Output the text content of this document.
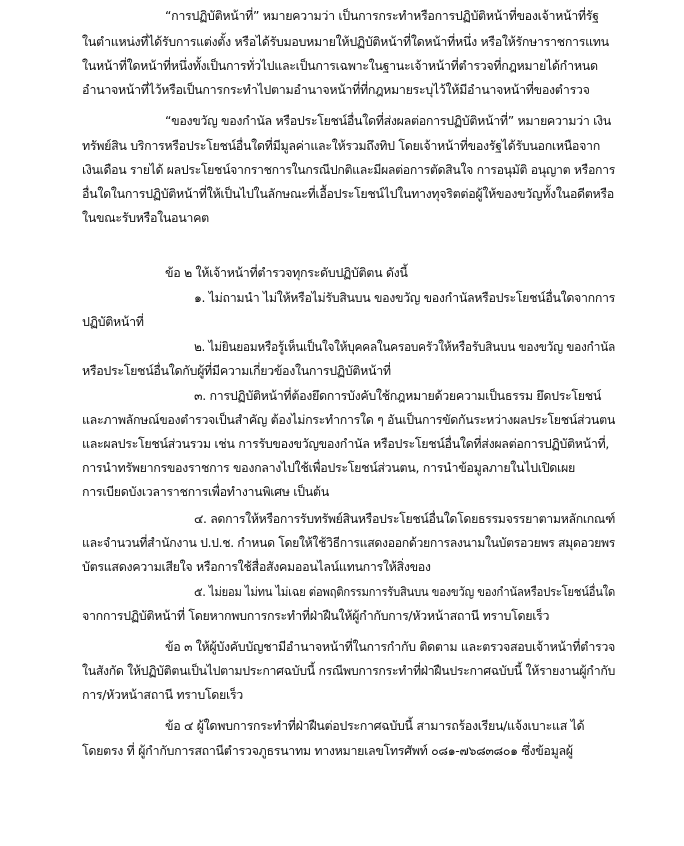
“การปฏิบัติหน้าที่” หมายความว่า เป็นการกระทำหรือการปฏิบัติหน้าที่ของเจ้าหน้าที่รัฐ
ในตำแหน่งที่ได้รับการแต่งตั้ง หรือได้รับมอบหมายให้ปฏิบัติหน้าที่ใดหน้าที่หนึ่ง หรือให้รักษาราชการแทน
ในหน้าที่ใดหน้าที่หนึ่งทั้งเป็นการทั่วไปและเป็นการเฉพาะในฐานะเจ้าหน้าที่ตำรวจที่กฎหมายได้กำหนด
อำนาจหน้าที่ไว้หรือเป็นการกระทำไปตามอำนาจหน้าที่ที่กฎหมายระบุไว้ให้มีอำนาจหน้าที่ของตำรวจ
“ของขวัญ ของกำนัล หรือประโยชน์อื่นใดที่ส่งผลต่อการปฏิบัติหน้าที่” หมายความว่า เงิน
ทรัพย์สิน บริการหรือประโยชน์อื่นใดที่มีมูลค่าและให้รวมถึงทิป โดยเจ้าหน้าที่ของรัฐได้รับนอกเหนือจาก
เงินเดือน รายได้ ผลประโยชน์จากราชการในกรณีปกติและมีผลต่อการตัดสินใจ การอนุมัติ อนุญาต หรือการ
อื่นใดในการปฏิบัติหน้าที่ให้เป็นไปในลักษณะที่เอื้อประโยชน์ไปในทางทุจริตต่อผู้ให้ของขวัญทั้งในอดีตหรือ
ในขณะรับหรือในอนาคต
ข้อ ๒ ให้เจ้าหน้าที่ตำรวจทุกระดับปฏิบัติตน ดังนี้
๑. ไม่ถามนำ ไม่ให้หรือไม่รับสินบน ของขวัญ ของกำนัลหรือประโยชน์อื่นใดจากการ
ปฏิบัติหน้าที่
๒. ไม่ยินยอมหรือรู้เห็นเป็นใจให้บุคคลในครอบครัวให้หรือรับสินบน ของขวัญ ของกำนัล
หรือประโยชน์อื่นใดกับผู้ที่มีความเกี่ยวข้องในการปฏิบัติหน้าที่
๓. การปฏิบัติหน้าที่ต้องยึดการบังคับใช้กฎหมายด้วยความเป็นธรรม ยึดประโยชน์
และภาพลักษณ์ของตำรวจเป็นสำคัญ ต้องไม่กระทำการใด ๆ อันเป็นการขัดกันระหว่างผลประโยชน์ส่วนตน
และผลประโยชน์ส่วนรวม เช่น การรับของขวัญของกำนัล หรือประโยชน์อื่นใดที่ส่งผลต่อการปฏิบัติหน้าที่,
การนำทรัพยากรของราชการ ของกลางไปใช้เพื่อประโยชน์ส่วนตน, การนำข้อมูลภายในไปเปิดเผย
การเบียดบังเวลาราชการเพื่อทำงานพิเศษ เป็นต้น
๔. ลดการให้หรือการรับทรัพย์สินหรือประโยชน์อื่นใดโดยธรรมจรรยาตามหลักเกณฑ์
และจำนวนที่สำนักงาน ป.ป.ช. กำหนด โดยให้ใช้วิธีการแสดงออกด้วยการลงนามในบัตรอวยพร สมุดอวยพร
บัตรแสดงความเสียใจ หรือการใช้สื่อสังคมออนไลน์แทนการให้สิ่งของ
๕. ไม่ยอม ไม่ทน ไม่เฉย ต่อพฤติกรรมการรับสินบน ของขวัญ ของกำนัลหรือประโยชน์อื่นใด
จากการปฏิบัติหน้าที่ โดยหากพบการกระทำที่ฝ่าฝืนให้ผู้กำกับการ/หัวหน้าสถานี ทราบโดยเร็ว
ข้อ ๓ ให้ผู้บังคับบัญชามีอำนาจหน้าที่ในการกำกับ ติดตาม และตรวจสอบเจ้าหน้าที่ตำรวจ
ในสังกัด ให้ปฏิบัติตนเป็นไปตามประกาศฉบับนี้ กรณีพบการกระทำที่ฝ่าฝืนประกาศฉบับนี้ ให้รายงานผู้กำกับ
การ/หัวหน้าสถานี ทราบโดยเร็ว
ข้อ ๔ ผู้ใดพบการกระทำที่ฝ่าฝืนต่อประกาศฉบับนี้ สามารถร้องเรียน/แจ้งเบาะแส ได้
โดยตรง ที่ ผู้กำกับการสถานีตำรวจภูธรนาทม ทางหมายเลขโทรศัพท์ ๐๘๑-๗๖๘๓๘๐๑ ซึ่งข้อมูลผู้
